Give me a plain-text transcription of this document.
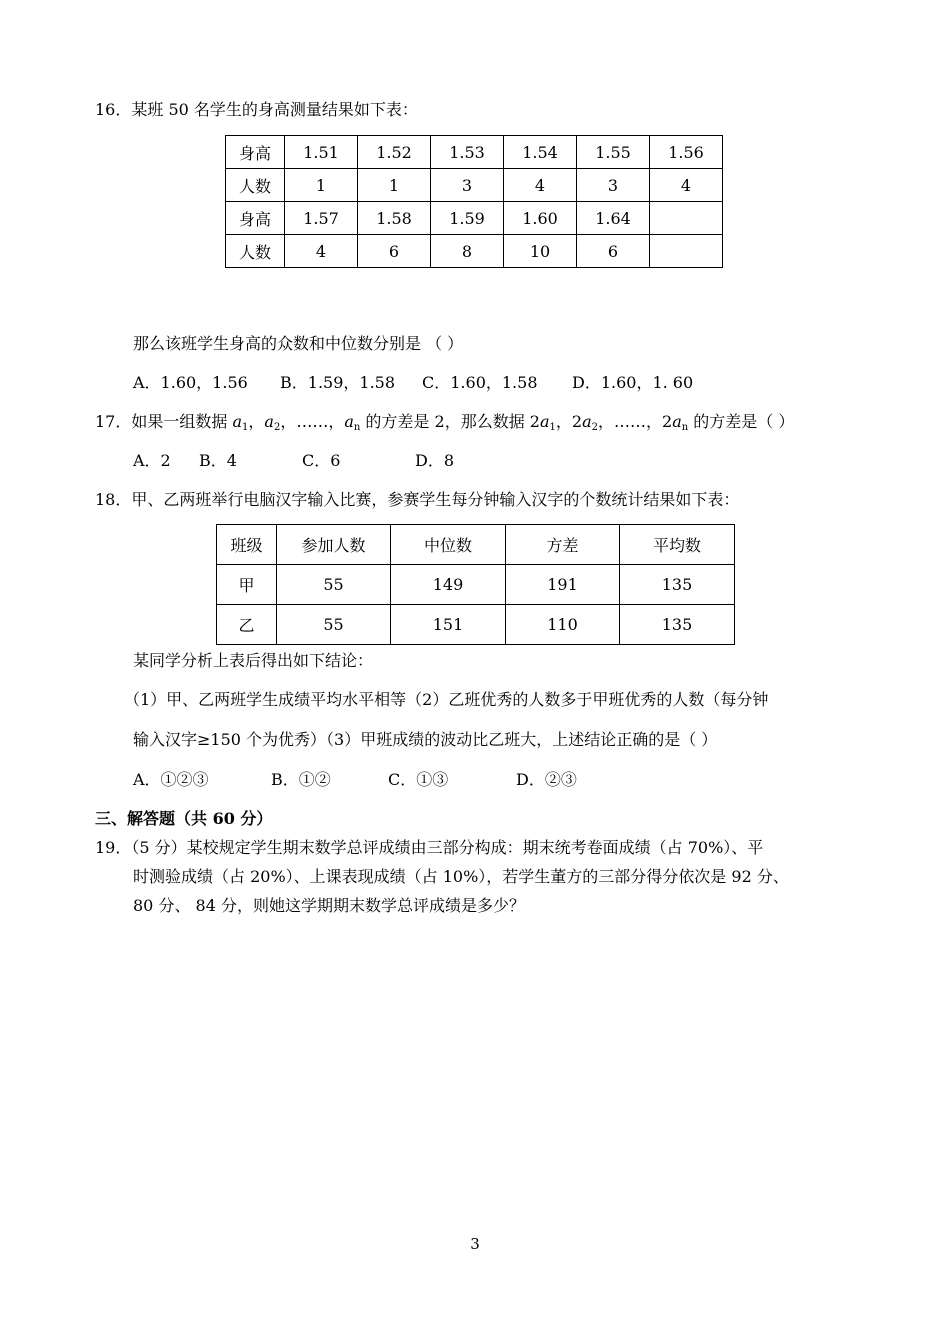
16．某班 50 名学生的身高测量结果如下表：
身高	1.51	1.52	1.53	1.54	1.55	1.56
人数	1	1	3	4	3	4
身高	1.57	1.58	1.59	1.60	1.64	
人数	4	6	8	10	6	
那么该班学生身高的众数和中位数分别是 （ ）
A．1.60，1.56 B．1.59，1.58 C．1.60，1.58 D．1.60，1. 60
17．如果一组数据 $a_1$，$a_2$，……，$a_n$ 的方差是 2，那么数据 $2a_1$，$2a_2$，……，$2a_n$ 的方差是（ ）
A．2 B．4	C．6	D．8
18．甲、乙两班举行电脑汉字输入比赛，参赛学生每分钟输入汉字的个数统计结果如下表：
班级	参加人数	中位数	方差	平均数
甲	55	149	191	135
乙	55	151	110	135
某同学分析上表后得出如下结论：
（1）甲、乙两班学生成绩平均水平相等（2）乙班优秀的人数多于甲班优秀的人数（每分钟
输入汉字≥150 个为优秀）（3）甲班成绩的波动比乙班大，上述结论正确的是（ ）
A．①②③	B．①②	C．①③	D．②③
三、解答题（共 60 分）
19．（5 分）某校规定学生期末数学总评成绩由三部分构成：期末统考卷面成绩（占 70%）、平
时测验成绩（占 20%）、上课表现成绩（占 10%），若学生董方的三部分得分依次是 92 分、
80 分、 84 分，则她这学期期末数学总评成绩是多少？
3
